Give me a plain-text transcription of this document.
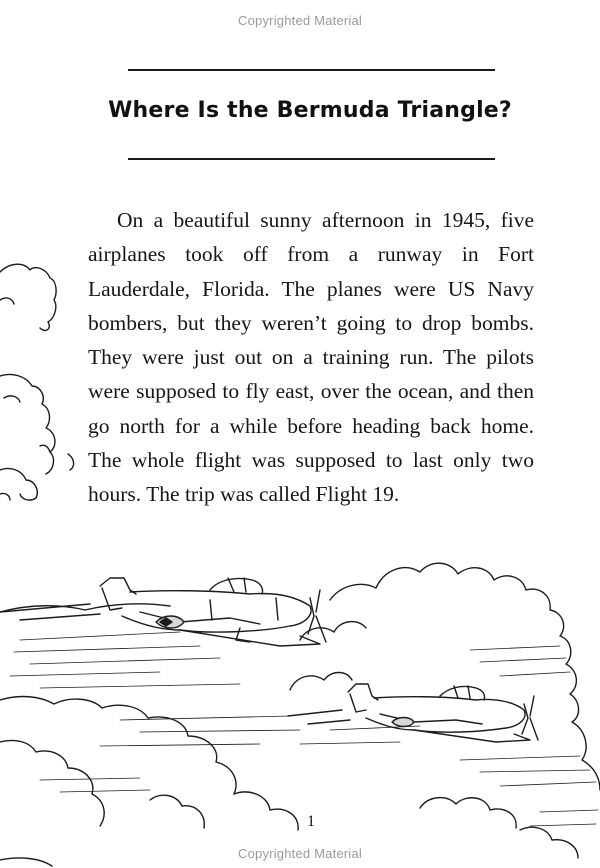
Copyrighted Material
Where Is the Bermuda Triangle?

On a beautiful sunny afternoon in 1945, five airplanes took off from a runway in Fort Lauderdale, Florida. The planes were US Navy bombers, but they weren’t going to drop bombs. They were just out on a training run. The pilots were supposed to fly east, over the ocean, and then go north for a while before heading back home. The whole flight was supposed to last only two hours. The trip was called Flight 19.

1
Copyrighted Material
